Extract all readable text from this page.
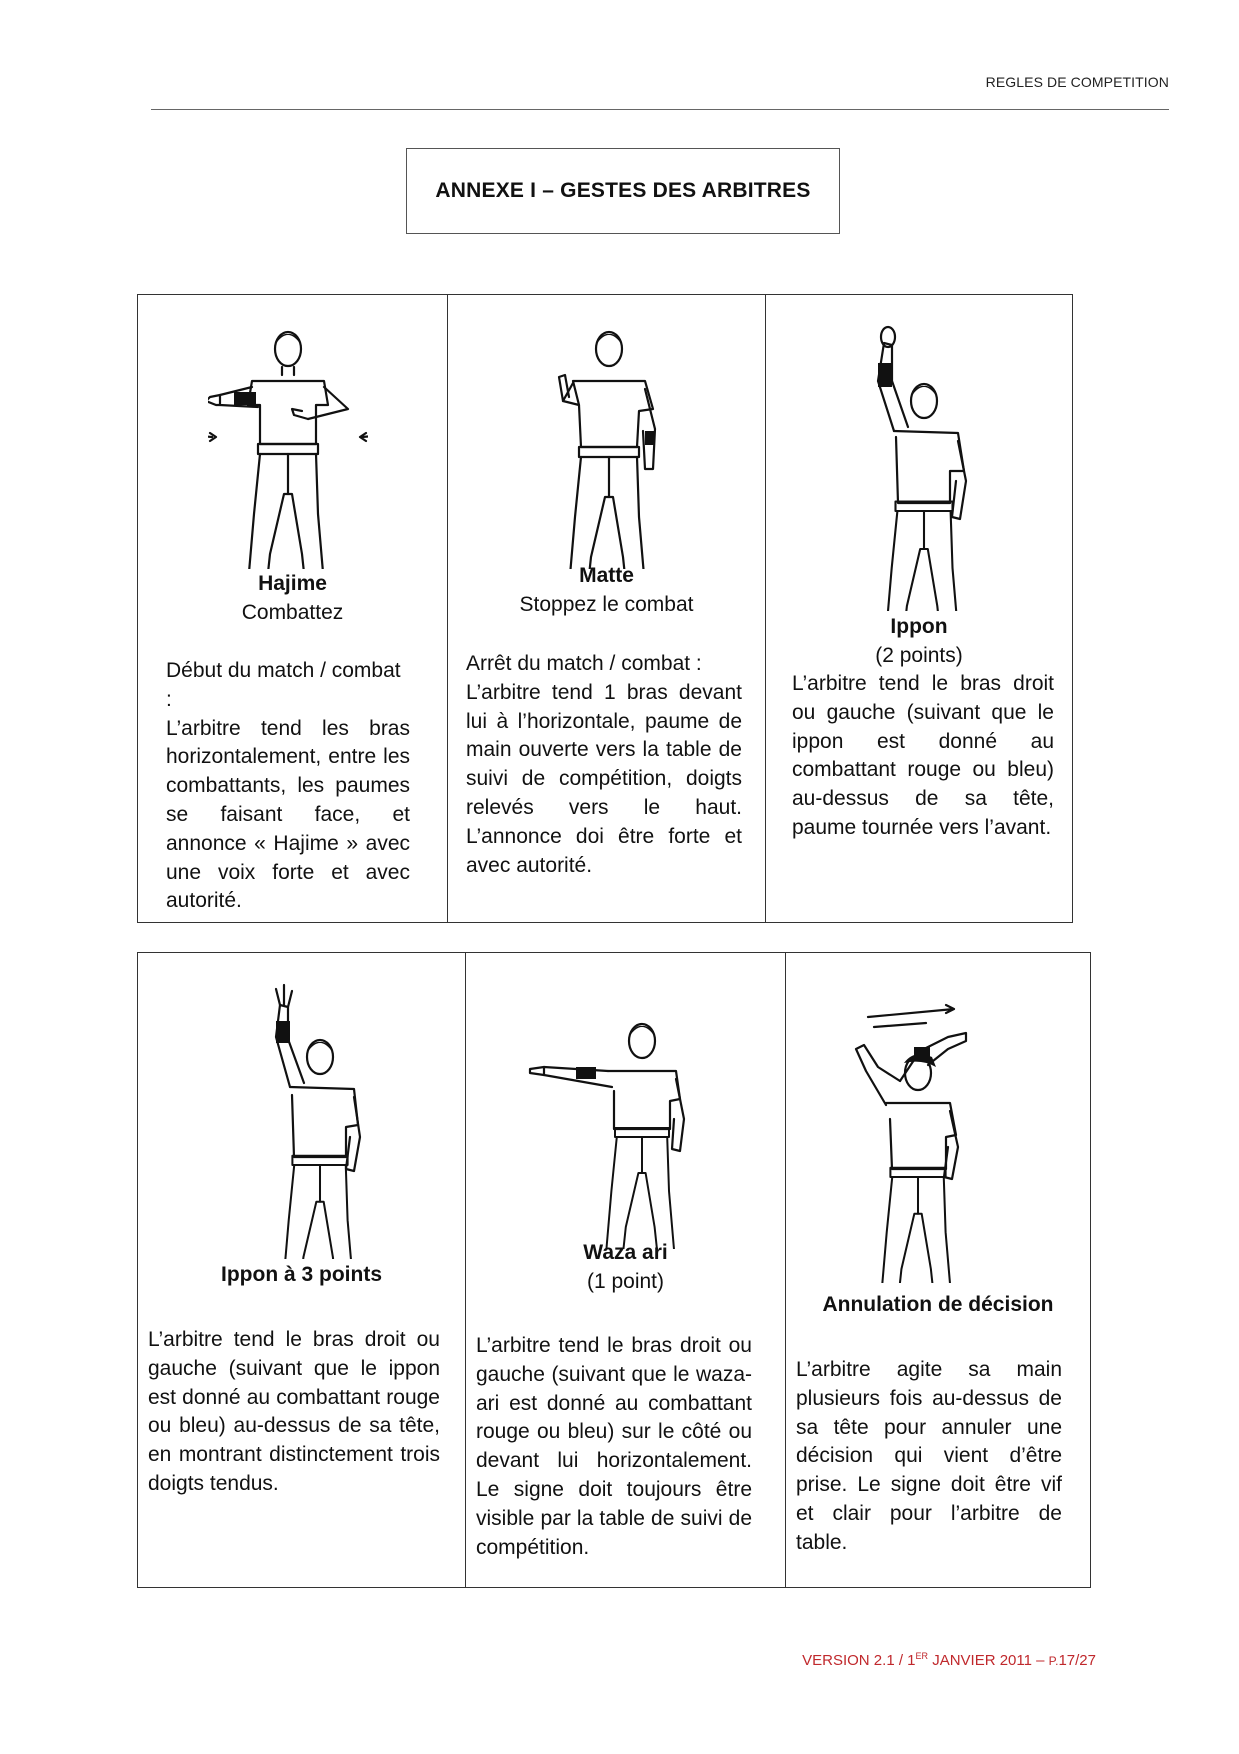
REGLES DE COMPETITION
ANNEXE I – GESTES DES ARBITRES
Hajime
Combattez
Début du match / combat :
L’arbitre tend les bras horizontalement, entre les combattants, les paumes se faisant face, et annonce « Hajime » avec une voix forte et avec autorité.
Matte
Stoppez le combat
Arrêt du match / combat :
L’arbitre tend 1 bras devant lui à l’horizontale, paume de main ouverte vers la table de suivi de compétition, doigts relevés vers le haut. L’annonce doi être forte et avec autorité.
Ippon
(2 points)
L’arbitre tend le bras droit ou gauche (suivant que le ippon est donné au combattant rouge ou bleu) au-dessus de sa tête, paume tournée vers l’avant.
Ippon à 3 points
L’arbitre tend le bras droit ou gauche (suivant que le ippon est donné au combattant rouge ou bleu) au-dessus de sa tête, en montrant distinctement trois doigts tendus.
Waza ari
(1 point)
L’arbitre tend le bras droit ou gauche (suivant que le waza-ari est donné au combattant rouge ou bleu) sur le côté ou devant lui horizontalement. Le signe doit toujours être visible par la table de suivi de compétition.
Annulation de décision
L’arbitre agite sa main plusieurs fois au-dessus de sa tête pour annuler une décision qui vient d’être prise. Le signe doit être vif et clair pour l’arbitre de table.
VERSION 2.1 / 1ER JANVIER 2011 – P.17/27
